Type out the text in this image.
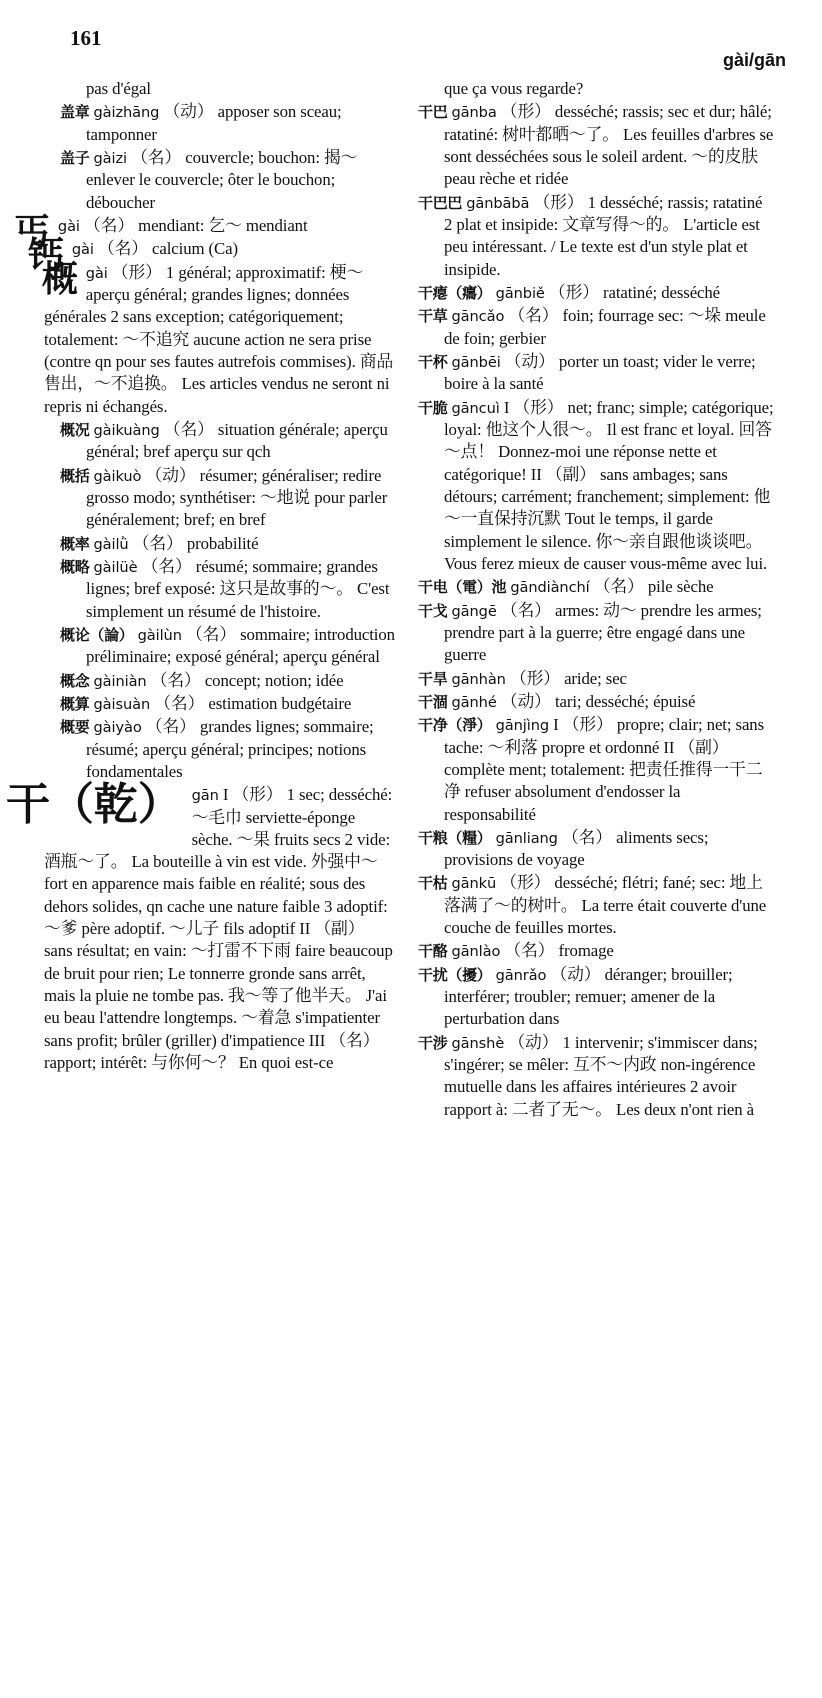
161
gài/gān

pas d'égal

盖章 gàizhāng （动） apposer son sceau; tamponner

盖子 gàizi （名） couvercle; bouchon: 揭～ enlever le couvercle; ôter le bouchon; déboucher

丐gài （名） mendiant: 乞～ mendiant
钙gài （名） calcium (Ca)
概gài （形） 1 général; approximatif: 梗～ aperçu général; grandes lignes; données générales 2 sans exception; catégoriquement; totalement: ～不追究 aucune action ne sera prise (contre qn pour ses fautes autrefois commises). 商品售出，～不追换。 Les articles vendus ne seront ni repris ni échangés.

概况 gàikuàng （名） situation générale; aperçu général; bref aperçu sur qch

概括 gàikuò （动） résumer; généraliser; redire grosso modo; synthétiser: ～地说 pour parler généralement; bref; en bref

概率 gàilǜ （名） probabilité

概略 gàilüè （名） résumé; sommaire; grandes lignes; bref exposé: 这只是故事的～。 C'est simplement un résumé de l'histoire.

概论（論） gàilùn （名） sommaire; introduction préliminaire; exposé général; aperçu général

概念 gàiniàn （名） concept; notion; idée

概算 gàisuàn （名） estimation budgétaire

概要 gàiyào （名） grandes lignes; sommaire; résumé; aperçu général; principes; notions fondamentales

干（乾） gān I （形） 1 sec; desséché: ～毛巾 serviette-éponge sèche. ～果 fruits secs 2 vide: 酒瓶～了。 La bouteille à vin est vide. 外强中～ fort en apparence mais faible en réalité; sous des dehors solides, qn cache une nature faible 3 adoptif: ～爹 père adoptif. ～儿子 fils adoptif II （副） sans résultat; en vain: ～打雷不下雨 faire beaucoup de bruit pour rien; Le tonnerre gronde sans arrêt, mais la pluie ne tombe pas. 我～等了他半天。 J'ai eu beau l'attendre longtemps. ～着急 s'impatienter sans profit; brûler (griller) d'impatience III （名） rapport; intérêt: 与你何～？ En quoi est-ce

que ça vous regarde?

干巴 gānba （形） desséché; rassis; sec et dur; hâlé; ratatiné: 树叶都晒～了。 Les feuilles d'arbres se sont desséchées sous le soleil ardent. ～的皮肤 peau rèche et ridée

干巴巴 gānbābā （形） 1 desséché; rassis; ratatiné 2 plat et insipide: 文章写得～的。 L'article est peu intéressant. / Le texte est d'un style plat et insipide.

干瘪（癟） gānbiě （形） ratatiné; desséché

干草 gāncǎo （名） foin; fourrage sec: ～垛 meule de foin; gerbier

干杯 gānbēi （动） porter un toast; vider le verre; boire à la santé

干脆 gāncuì I （形） net; franc; simple; catégorique; loyal: 他这个人很～。 Il est franc et loyal. 回答～点！ Donnez-moi une réponse nette et catégorique! II （副） sans ambages; sans détours; carrément; franchement; simplement: 他～一直保持沉默 Tout le temps, il garde simplement le silence. 你～亲自跟他谈谈吧。 Vous ferez mieux de causer vous-même avec lui.

干电（電）池 gāndiànchí （名） pile sèche

干戈 gāngē （名） armes: 动～ prendre les armes; prendre part à la guerre; être engagé dans une guerre

干旱 gānhàn （形） aride; sec

干涸 gānhé （动） tari; desséché; épuisé

干净（淨） gānjìng I （形） propre; clair; net; sans tache: ～利落 propre et ordonné II （副） complète ment; totalement: 把责任推得一干二净 refuser absolument d'endosser la responsabilité

干粮（糧） gānliang （名） aliments secs; provisions de voyage

干枯 gānkū （形） desséché; flétri; fané; sec: 地上落满了～的树叶。 La terre était couverte d'une couche de feuilles mortes.

干酪 gānlào （名） fromage

干扰（擾） gānrǎo （动） déranger; brouiller; interférer; troubler; remuer; amener de la perturbation dans

干涉 gānshè （动） 1 intervenir; s'immiscer dans; s'ingérer; se mêler: 互不～内政 non-ingérence mutuelle dans les affaires intérieures 2 avoir rapport à: 二者了无～。 Les deux n'ont rien à
